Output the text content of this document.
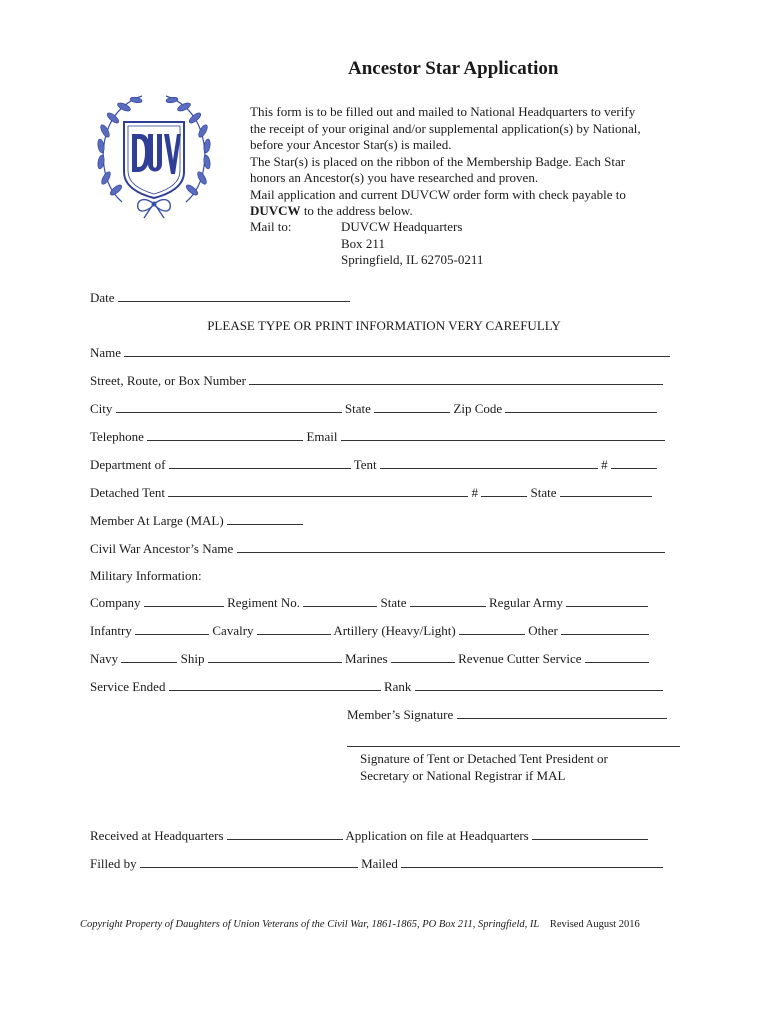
Ancestor Star Application
This form is to be filled out and mailed to National Headquarters to verify
the receipt of your original and/or supplemental application(s) by National,
before your Ancestor Star(s) is mailed.
The Star(s) is placed on the ribbon of the Membership Badge. Each Star
honors an Ancestor(s) you have researched and proven.
Mail application and current DUVCW order form with check payable to
DUVCW to the address below.
Mail to:	DUVCW Headquarters
Box 211
Springfield, IL 62705-0211
Date
PLEASE TYPE OR PRINT INFORMATION VERY CAREFULLY
Name
Street, Route, or Box Number
City	State	Zip Code
Telephone	Email
Department of	Tent	#
Detached Tent	#	State
Member At Large (MAL)
Civil War Ancestor’s Name
Military Information:
Company	Regiment No.	State	Regular Army
Infantry	Cavalry	Artillery (Heavy/Light)	Other
Navy	Ship	Marines	Revenue Cutter Service
Service Ended	Rank
Member’s Signature
Signature of Tent or Detached Tent President or
Secretary or National Registrar if MAL
Received at Headquarters	Application on file at Headquarters
Filled by	Mailed
Copyright Property of Daughters of Union Veterans of the Civil War, 1861-1865, PO Box 211, Springfield, IL Revised August 2016
